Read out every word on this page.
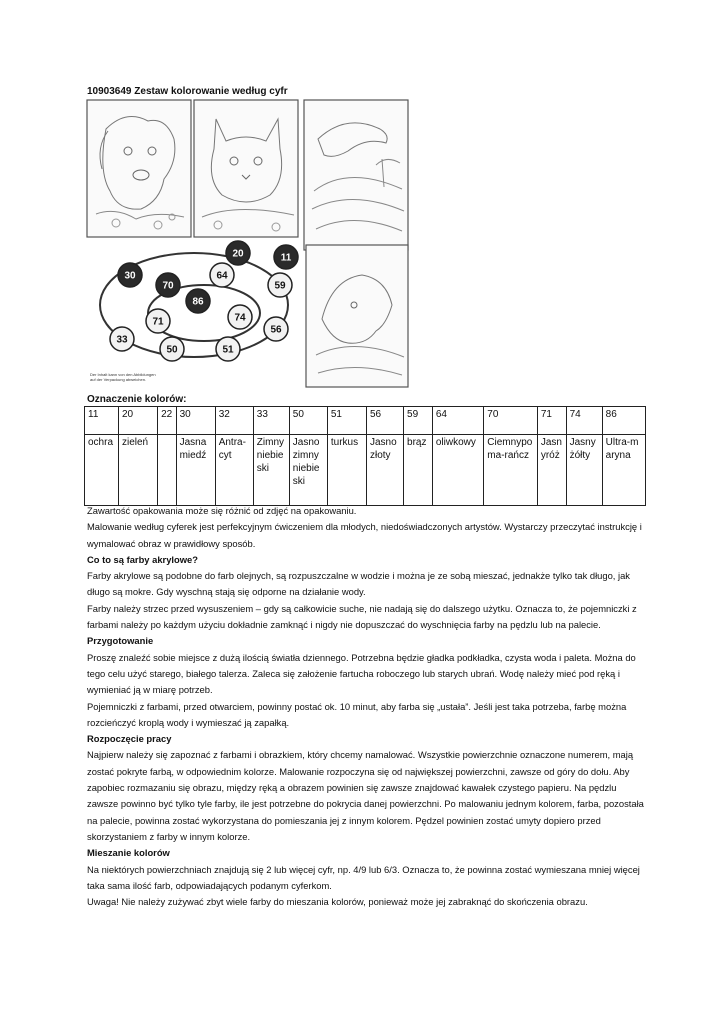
10903649 Zestaw kolorowanie według cyfr
30
20	11
64
59
70
86
74
71
56
33
50	51
Der Inhalt kann von den Abbildungen auf der Verpackung abweichen.
Oznaczenie kolorów:
11	20	22	30	32	33	50	51	56	59	64	70	71	74	86
ochra	zieleń		Jasnamiedź	Antra-cyt	Zimnyniebieski	Jasnozimnyniebieski	turkus	Jasnozłoty	brąz	oliwkowy	Ciemnypoma-rańcz	Jasnyróż	Jasnyżółty	Ultra-maryna

Zawartość opakowania może się różnić od zdjęć na opakowaniu.

Malowanie według cyferek jest perfekcyjnym ćwiczeniem dla młodych, niedoświadczonych artystów. Wystarczy przeczytać instrukcję i wymalować obraz w prawidłowy sposób.

Co to są farby akrylowe?

Farby akrylowe są podobne do farb olejnych, są rozpuszczalne w wodzie i można je ze sobą mieszać, jednakże tylko tak długo, jak długo są mokre. Gdy wyschną stają się odporne na działanie wody.

Farby należy strzec przed wysuszeniem – gdy są całkowicie suche, nie nadają się do dalszego użytku. Oznacza to, że pojemniczki z farbami należy po każdym użyciu dokładnie zamknąć i nigdy nie dopuszczać do wyschnięcia farby na pędzlu lub na palecie.

Przygotowanie

Proszę znaleźć sobie miejsce z dużą ilością światła dziennego. Potrzebna będzie gładka podkładka, czysta woda i paleta. Można do tego celu użyć starego, białego talerza. Zaleca się założenie fartucha roboczego lub starych ubrań. Wodę należy mieć pod ręką i wymieniać ją w miarę potrzeb.

Pojemniczki z farbami, przed otwarciem, powinny postać ok. 10 minut, aby farba się „ustała”. Jeśli jest taka potrzeba, farbę można rozcieńczyć kroplą wody i wymieszać ją zapałką.

Rozpoczęcie pracy

Najpierw należy się zapoznać z farbami i obrazkiem, który chcemy namalować. Wszystkie powierzchnie oznaczone numerem, mają zostać pokryte farbą, w odpowiednim kolorze. Malowanie rozpoczyna się od największej powierzchni, zawsze od góry do dołu. Aby zapobiec rozmazaniu się obrazu, między ręką a obrazem powinien się zawsze znajdować kawałek czystego papieru. Na pędzlu zawsze powinno być tylko tyle farby, ile jest potrzebne do pokrycia danej powierzchni. Po malowaniu jednym kolorem, farba, pozostała na palecie, powinna zostać wykorzystana do pomieszania jej z innym kolorem. Pędzel powinien zostać umyty dopiero przed skorzystaniem z farby w innym kolorze.

Mieszanie kolorów

Na niektórych powierzchniach znajdują się 2 lub więcej cyfr, np. 4/9 lub 6/3. Oznacza to, że powinna zostać wymieszana mniej więcej taka sama ilość farb, odpowiadających podanym cyferkom.

Uwaga! Nie należy zużywać zbyt wiele farby do mieszania kolorów, ponieważ może jej zabraknąć do skończenia obrazu.
